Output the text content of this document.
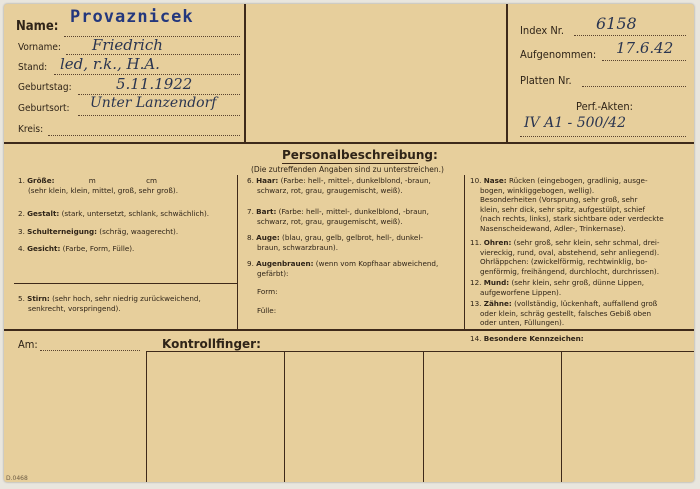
Name: Provaznicek
Vorname: Friedrich
Stand: led, r.k., H.A.
Geburtstag:	5.11.1922
Geburtsort: Unter Lanzendorf
Kreis:
Index Nr. 6158
Aufgenommen: 17.6.42
Platten Nr.
Perf.-Akten:
IV A1 - 500/42
Personalbeschreibung:
(Die zutreffenden Angaben sind zu unterstreichen.)
1. Größe:	m	cm
(sehr klein, klein, mittel, groß, sehr groß).
2. Gestalt: (stark, untersetzt, schlank, schwächlich).
3. Schulterneigung: (schräg, waagerecht).
4. Gesicht: (Farbe, Form, Fülle).
5. Stirn: (sehr hoch, sehr niedrig zurückweichend,
senkrecht, vorspringend).
6. Haar: (Farbe: hell-, mittel-, dunkelblond, -braun,
schwarz, rot, grau, graugemischt, weiß).
7. Bart: (Farbe: hell-, mittel-, dunkelblond, -braun,
schwarz, rot, grau, graugemischt, weiß).
8. Auge: (blau, grau, gelb, gelbrot, hell-, dunkel-
braun, schwarzbraun).
9. Augenbrauen: (wenn vom Kopfhaar abweichend,
gefärbt):
Form:
Fülle:
10. Nase: Rücken (eingebogen, gradlinig, ausge-
bogen, winkliggebogen, wellig).
Besonderheiten (Vorsprung, sehr groß, sehr
klein, sehr dick, sehr spitz, aufgestülpt, schief
(nach rechts, links), stark sichtbare oder verdeckte
Nasenscheidewand, Adler-, Trinkernase).
11. Ohren: (sehr groß, sehr klein, sehr schmal, drei-
viereckig, rund, oval, abstehend, sehr anliegend).
Ohrläppchen: (zwickelförmig, rechtwinklig, bo-
genförmig, freihängend, durchlocht, durchrissen).
12. Mund: (sehr klein, sehr groß, dünne Lippen,
aufgeworfene Lippen).
13. Zähne: (vollständig, lückenhaft, auffallend groß
oder klein, schräg gestellt, falsches Gebiß oben
oder unten, Füllungen).
14. Besondere Kennzeichen:
Am:	Kontrollfinger:
D.0468
